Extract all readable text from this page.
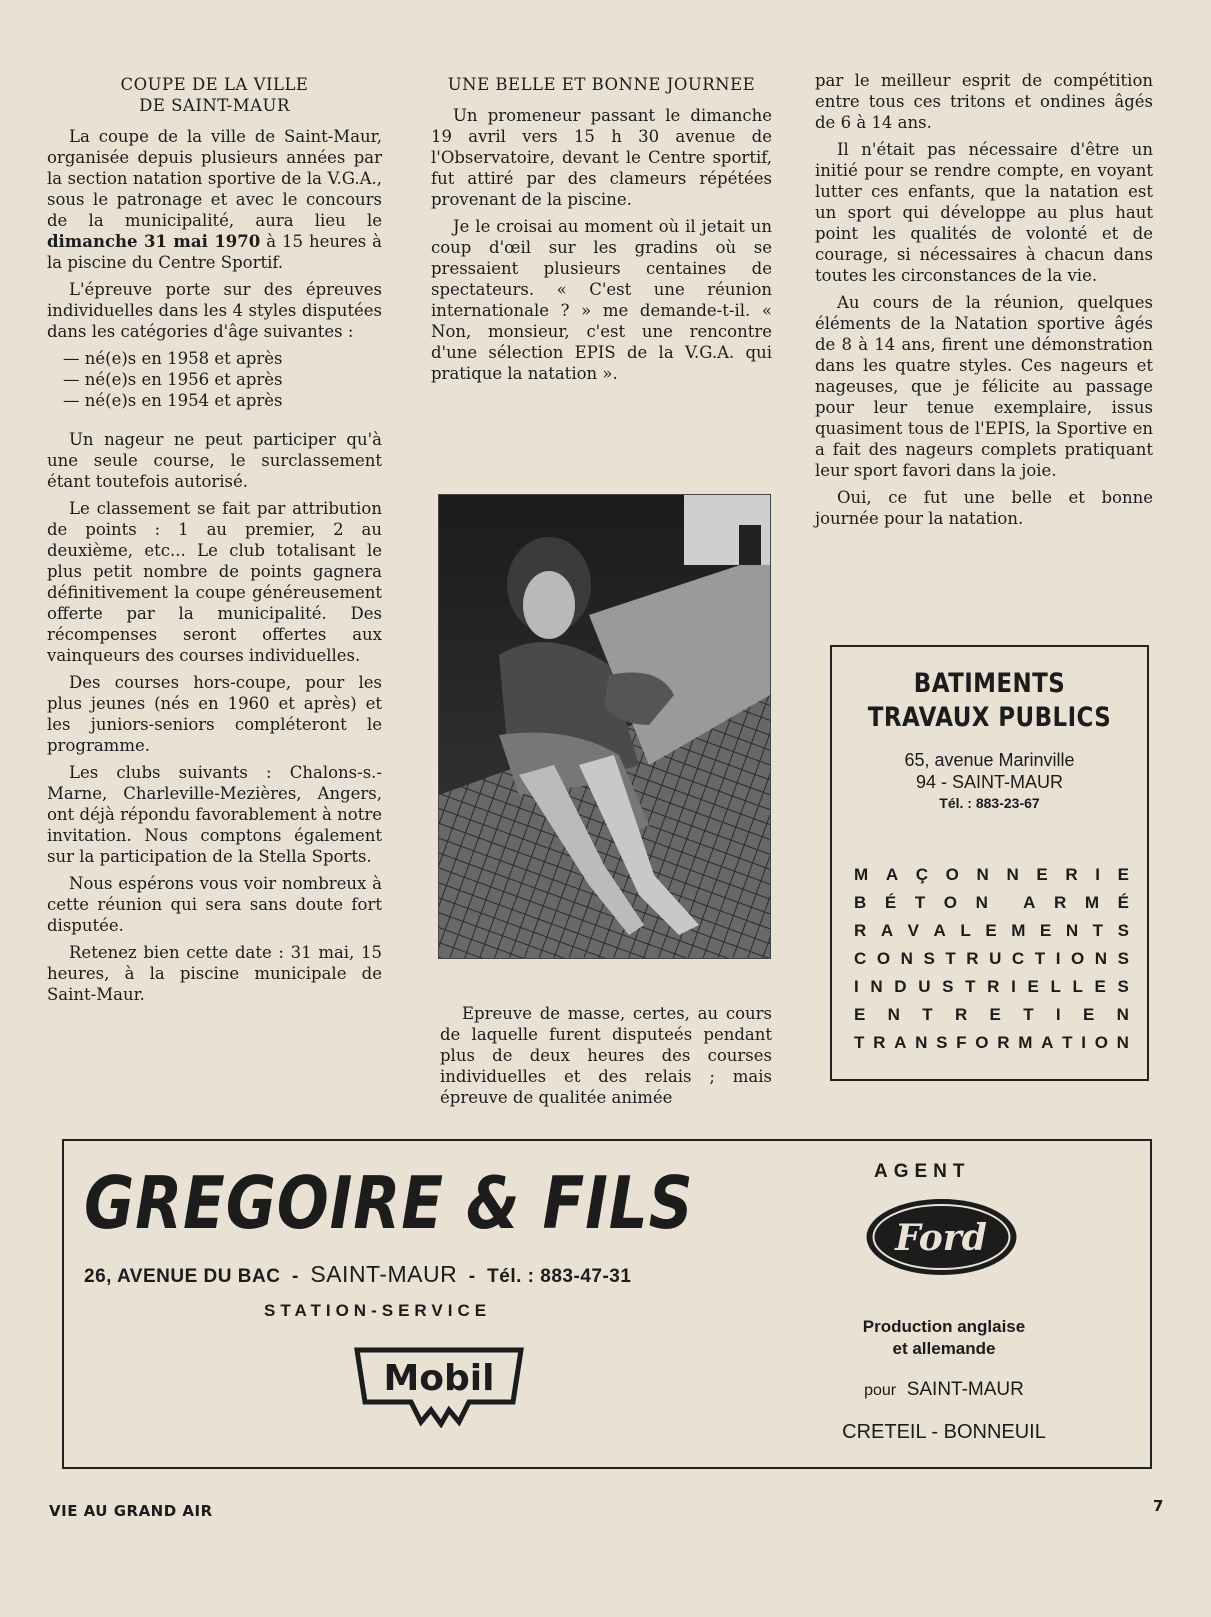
COUPE DE LA VILLE
DE SAINT-MAUR

La coupe de la ville de Saint-Maur, organisée depuis plusieurs années par la section natation sportive de la V.G.A., sous le patronage et avec le concours de la municipalité, aura lieu le dimanche 31 mai 1970 à 15 heures à la piscine du Centre Sportif.

L'épreuve porte sur des épreuves individuelles dans les 4 styles disputées dans les catégories d'âge suivantes :

— né(e)s en 1958 et après
— né(e)s en 1956 et après
— né(e)s en 1954 et après

Un nageur ne peut participer qu'à une seule course, le surclassement étant toutefois autorisé.

Le classement se fait par attribution de points : 1 au premier, 2 au deuxième, etc... Le club totalisant le plus petit nombre de points gagnera définitivement la coupe généreusement offerte par la municipalité. Des récompenses seront offertes aux vainqueurs des courses individuelles.

Des courses hors-coupe, pour les plus jeunes (nés en 1960 et après) et les juniors-seniors compléteront le programme.

Les clubs suivants : Chalons-s.-Marne, Charleville-Mezières, Angers, ont déjà répondu favorablement à notre invitation. Nous comptons également sur la participation de la Stella Sports.

Nous espérons vous voir nombreux à cette réunion qui sera sans doute fort disputée.

Retenez bien cette date : 31 mai, 15 heures, à la piscine municipale de Saint-Maur.

UNE BELLE ET BONNE JOURNEE

Un promeneur passant le dimanche 19 avril vers 15 h 30 avenue de l'Observatoire, devant le Centre sportif, fut attiré par des clameurs répétées provenant de la piscine.

Je le croisai au moment où il jetait un coup d'œil sur les gradins où se pressaient plusieurs centaines de spectateurs. « C'est une réunion internationale ? » me demande-t-il. « Non, monsieur, c'est une rencontre d'une sélection EPIS de la V.G.A. qui pratique la natation ».

Epreuve de masse, certes, au cours de laquelle furent disputeés pendant plus de deux heures des courses individuelles et des relais ; mais épreuve de qualitée animée

par le meilleur esprit de compétition entre tous ces tritons et ondines âgés de 6 à 14 ans.

Il n'était pas nécessaire d'être un initié pour se rendre compte, en voyant lutter ces enfants, que la natation est un sport qui développe au plus haut point les qualités de volonté et de courage, si nécessaires à chacun dans toutes les circonstances de la vie.

Au cours de la réunion, quelques éléments de la Natation sportive âgés de 8 à 14 ans, firent une démonstration dans les quatre styles. Ces nageurs et nageuses, que je félicite au passage pour leur tenue exemplaire, issus quasiment tous de l'EPIS, la Sportive en a fait des nageurs complets pratiquant leur sport favori dans la joie.

Oui, ce fut une belle et bonne journée pour la natation.

BATIMENTS
TRAVAUX PUBLICS
65, avenue Marinville
94 - SAINT-MAUR
Tél. : 883-23-67
M A Ç O N N E R I E
B É T O N A R M É
R A V A L E M E N T S
C O N S T R U C T I O N S
I N D U S T R I E L L E S
E N T R E T I E N
T R A N S F O R M A T I O N
GREGOIRE & FILS
26, AVENUE DU BAC  -  SAINT-MAUR  -  Tél. : 883-47-31
STATION-SERVICE
Mobil
AGENT
Ford
Production anglaise
et allemande
pour SAINT-MAUR
CRETEIL - BONNEUIL
VIE AU GRAND AIR	7
